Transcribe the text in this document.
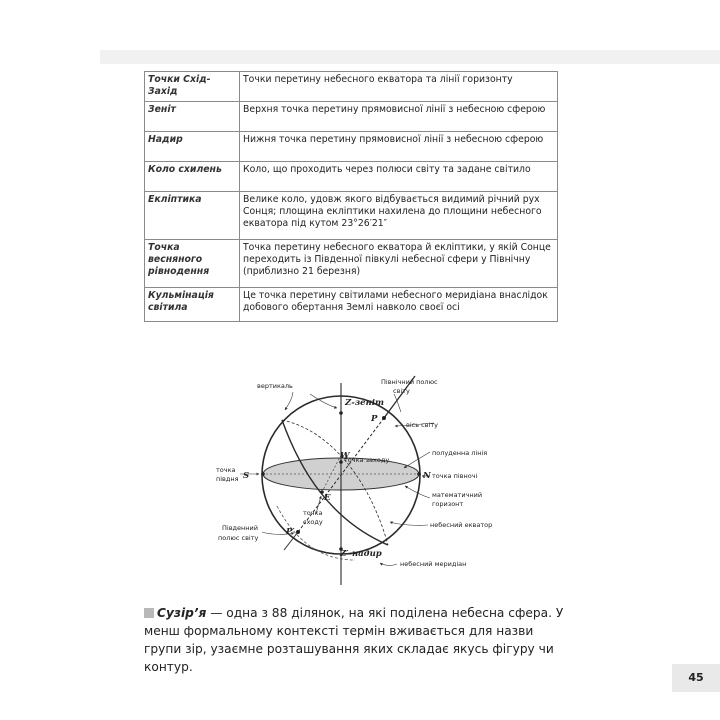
Точки Схід-Захід	Точки перетину небесного екватора та лінії горизонту
Зеніт	Верхня точка перетину прямовисної лінії з небесною сферою
Надир	Нижня точка перетину прямовисної лінії з небесною сферою
Коло схилень	Коло, що проходить через полюси світу та задане світило
Екліптика	Велике коло, удовж якого відбувається видимий річний рух Сонця; площина екліптики нахилена до площини небесного екватора під кутом 23°26′21″
Точка весняного рівнодення	Точка перетину небесного екватора й екліптики, у якій Сонце переходить із Південної півкулі небесної сфери у Північну (приблизно 21 березня)
Кульмінація світила	Це точка перетину світилами небесного меридіана внаслідок добового обертання Землі навколо своєї осі
вертикаль
Z-зеніт
Північний полюс
світу
P
вісь світу
полуденна лінія
W
точка заходу
S	N
точка
півдня	точка півночі
E	математичний
горизонт
точка
сходу
Південний
полюс світу
P′
небесний екватор
Z′-надир
небесний меридіан
Сузір’я — одна з 88 ділянок, на які поділена небесна сфера. У менш формальному контексті термін вживається для назви групи зір, узаємне розташування яких складає якусь фігуру чи контур.
45
